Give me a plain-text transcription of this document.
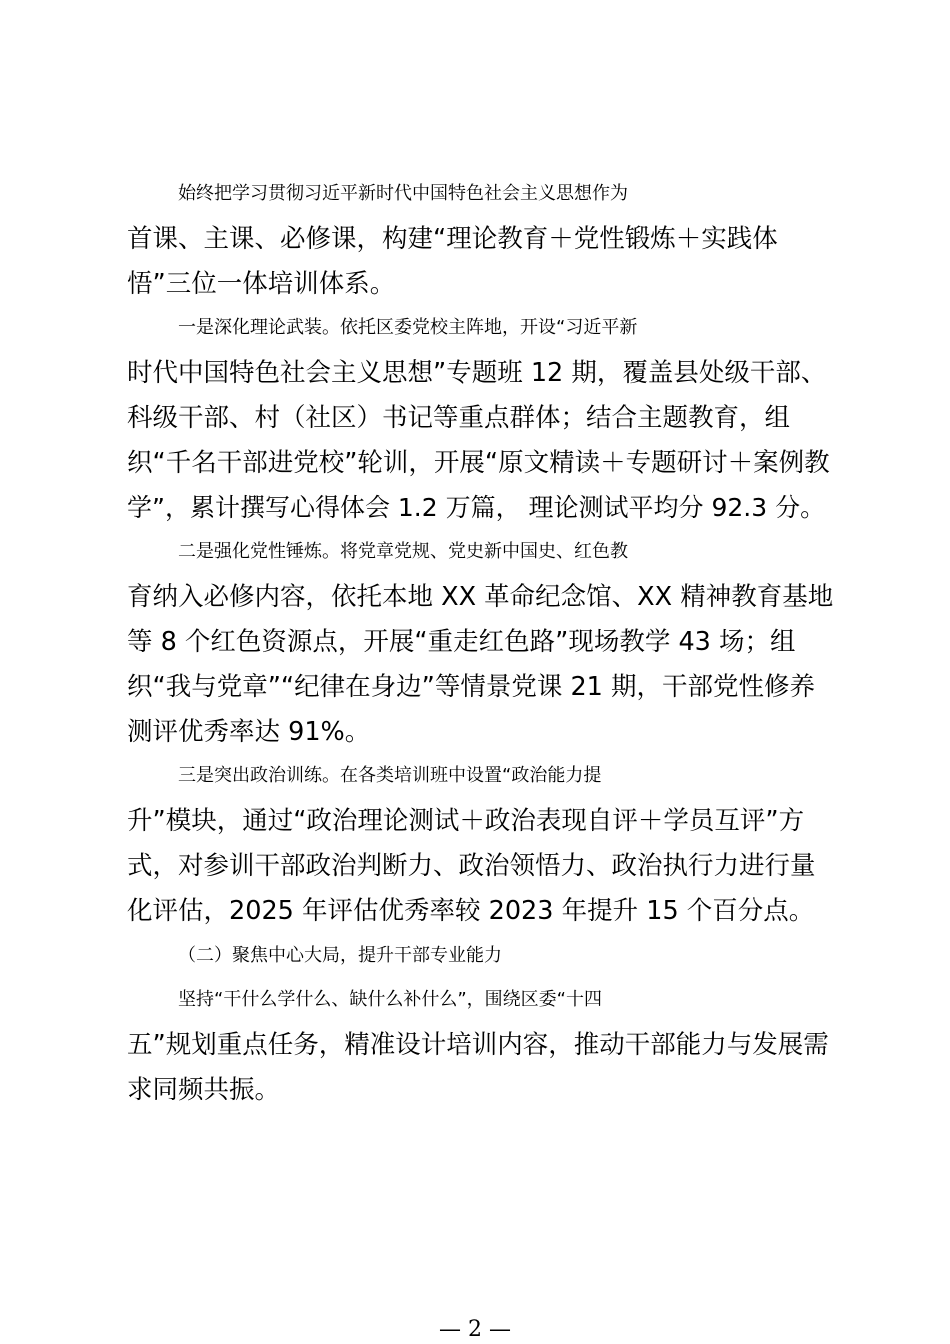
始终把学习贯彻习近平新时代中国特色社会主义思想作为
首课、主课、必修课，构建“理论教育＋党性锻炼＋实践体
悟”三位一体培训体系。
一是深化理论武装。依托区委党校主阵地，开设“习近平新
时代中国特色社会主义思想”专题班 12 期，覆盖县处级干部、
科级干部、村（社区）书记等重点群体；结合主题教育，组
织“千名干部进党校”轮训，开展“原文精读＋专题研讨＋案例教
学”，累计撰写心得体会 1.2 万篇， 理论测试平均分 92.3 分。
二是强化党性锤炼。将党章党规、党史新中国史、红色教
育纳入必修内容，依托本地 XX 革命纪念馆、XX 精神教育基地
等 8 个红色资源点，开展“重走红色路”现场教学 43 场；组
织“我与党章”“纪律在身边”等情景党课 21 期，干部党性修养
测评优秀率达 91%。
三是突出政治训练。在各类培训班中设置“政治能力提
升”模块，通过“政治理论测试＋政治表现自评＋学员互评”方
式，对参训干部政治判断力、政治领悟力、政治执行力进行量
化评估，2025 年评估优秀率较 2023 年提升 15 个百分点。
（二）聚焦中心大局，提升干部专业能力
坚持“干什么学什么、缺什么补什么”，围绕区委“十四
五”规划重点任务，精准设计培训内容，推动干部能力与发展需
求同频共振。
— 2 —
